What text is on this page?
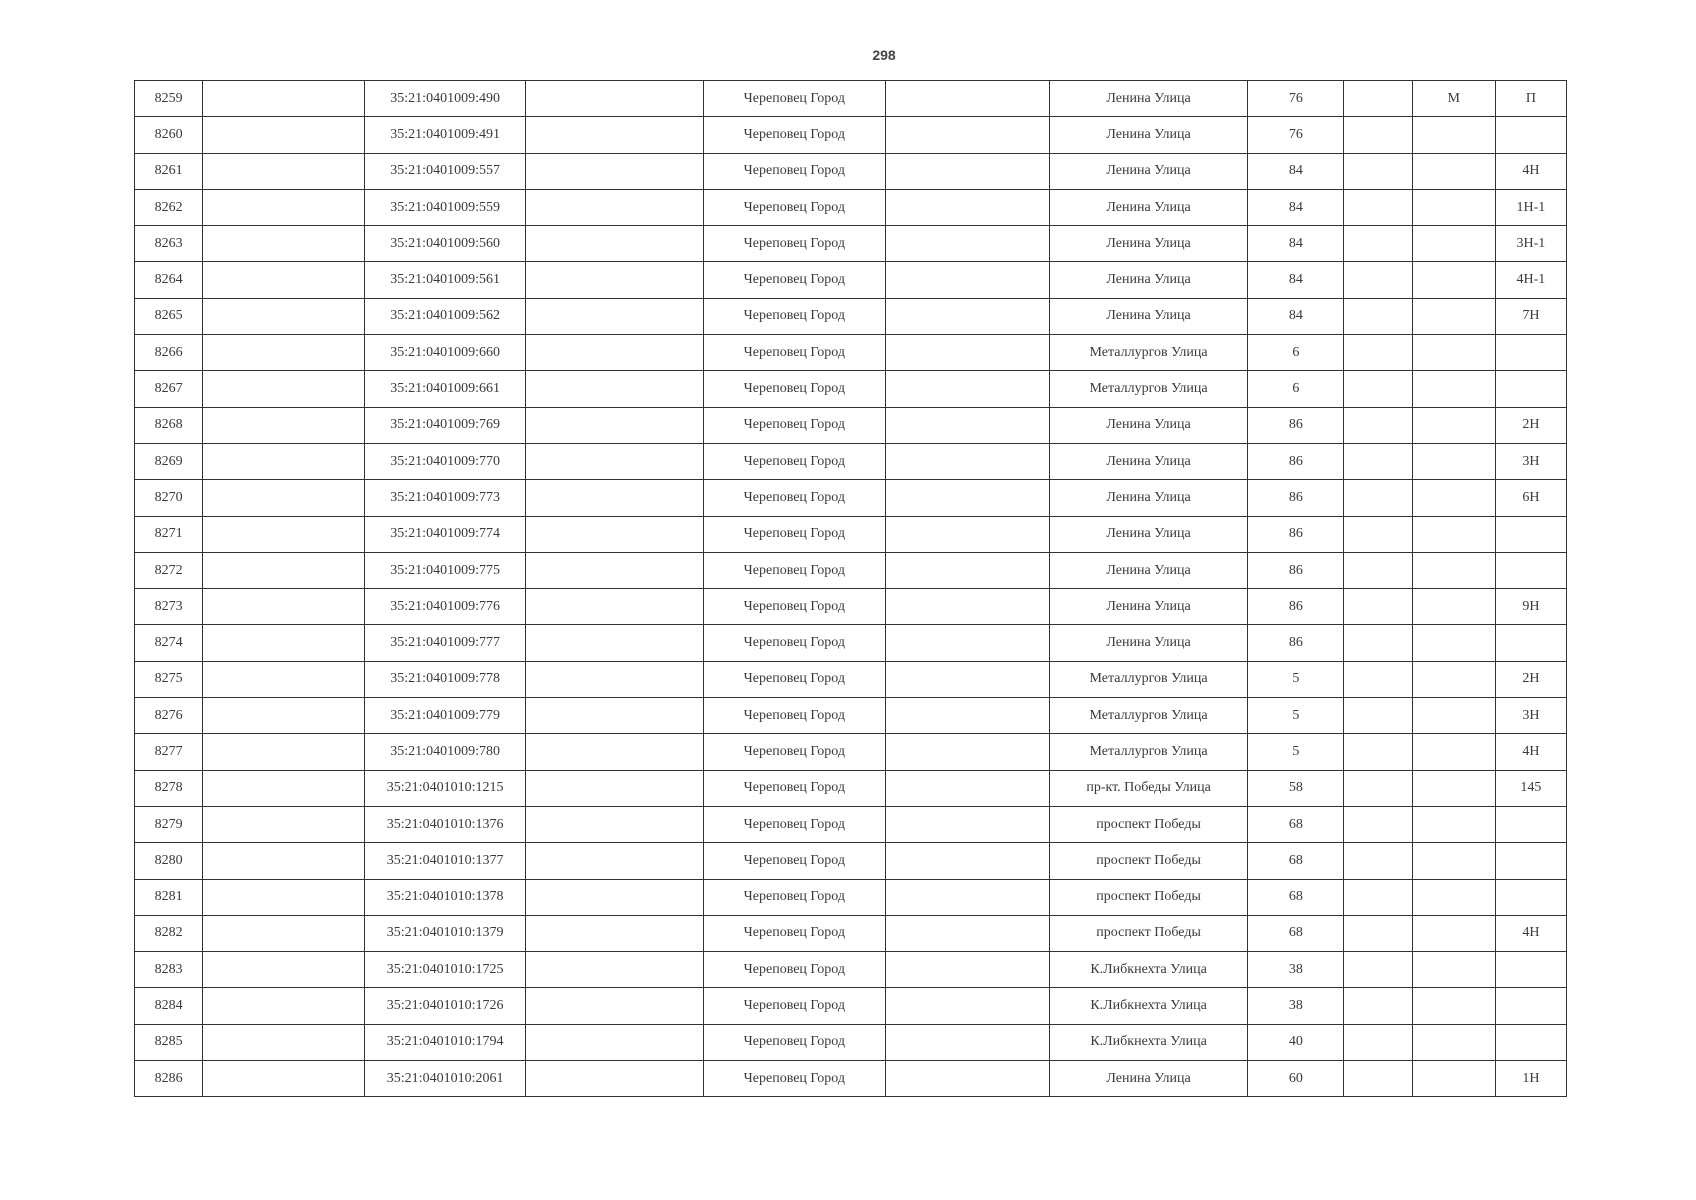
298
8259		35:21:0401009:490		Череповец Город		Ленина Улица	76		М	П
8260		35:21:0401009:491		Череповец Город		Ленина Улица	76			
8261		35:21:0401009:557		Череповец Город		Ленина Улица	84			4Н
8262		35:21:0401009:559		Череповец Город		Ленина Улица	84			1Н-1
8263		35:21:0401009:560		Череповец Город		Ленина Улица	84			3Н-1
8264		35:21:0401009:561		Череповец Город		Ленина Улица	84			4Н-1
8265		35:21:0401009:562		Череповец Город		Ленина Улица	84			7Н
8266		35:21:0401009:660		Череповец Город		Металлургов Улица	6			
8267		35:21:0401009:661		Череповец Город		Металлургов Улица	6			
8268		35:21:0401009:769		Череповец Город		Ленина Улица	86			2Н
8269		35:21:0401009:770		Череповец Город		Ленина Улица	86			3Н
8270		35:21:0401009:773		Череповец Город		Ленина Улица	86			6Н
8271		35:21:0401009:774		Череповец Город		Ленина Улица	86			
8272		35:21:0401009:775		Череповец Город		Ленина Улица	86			
8273		35:21:0401009:776		Череповец Город		Ленина Улица	86			9Н
8274		35:21:0401009:777		Череповец Город		Ленина Улица	86			
8275		35:21:0401009:778		Череповец Город		Металлургов Улица	5			2Н
8276		35:21:0401009:779		Череповец Город		Металлургов Улица	5			3Н
8277		35:21:0401009:780		Череповец Город		Металлургов Улица	5			4Н
8278		35:21:0401010:1215		Череповец Город		пр-кт. Победы Улица	58			145
8279		35:21:0401010:1376		Череповец Город		проспект Победы	68			
8280		35:21:0401010:1377		Череповец Город		проспект Победы	68			
8281		35:21:0401010:1378		Череповец Город		проспект Победы	68			
8282		35:21:0401010:1379		Череповец Город		проспект Победы	68			4Н
8283		35:21:0401010:1725		Череповец Город		К.Либкнехта Улица	38			
8284		35:21:0401010:1726		Череповец Город		К.Либкнехта Улица	38			
8285		35:21:0401010:1794		Череповец Город		К.Либкнехта Улица	40			
8286		35:21:0401010:2061		Череповец Город		Ленина Улица	60			1Н
